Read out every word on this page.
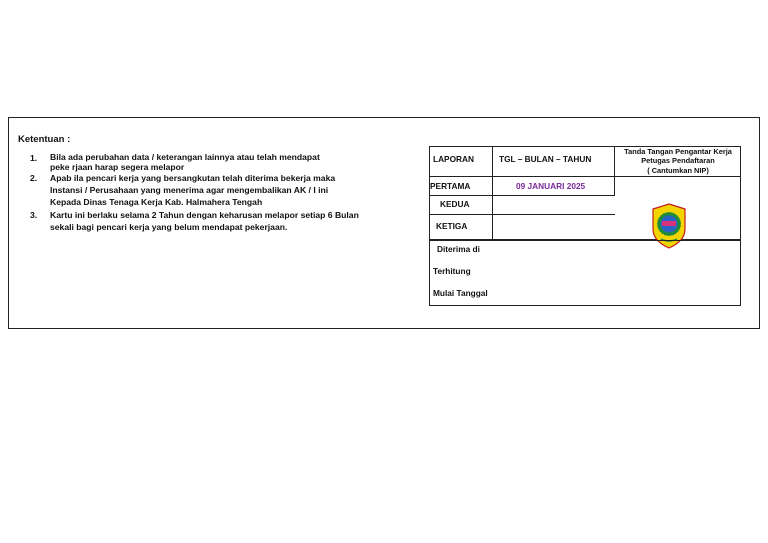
Ketentuan :
1. Bila ada perubahan data / keterangan lainnya atau telah mendapat
peke rjaan harap segera melapor
2. Apab ila pencari kerja yang bersangkutan telah diterima bekerja maka
Instansi / Perusahaan yang menerima agar mengembalikan AK / I ini
Kepada Dinas Tenaga Kerja Kab. Halmahera Tengah
3. Kartu ini berlaku selama 2 Tahun dengan keharusan melapor setiap 6 Bulan
sekali bagi pencari kerja yang belum mendapat pekerjaan.
LAPORAN	TGL – BULAN – TAHUN
Tanda Tangan Pengantar Kerja
Petugas Pendaftaran
( Cantumkan NIP)
PERTAMA	09 JANUARI 2025
KEDUA
KETIGA
Diterima di
Terhitung
Mulai Tanggal
